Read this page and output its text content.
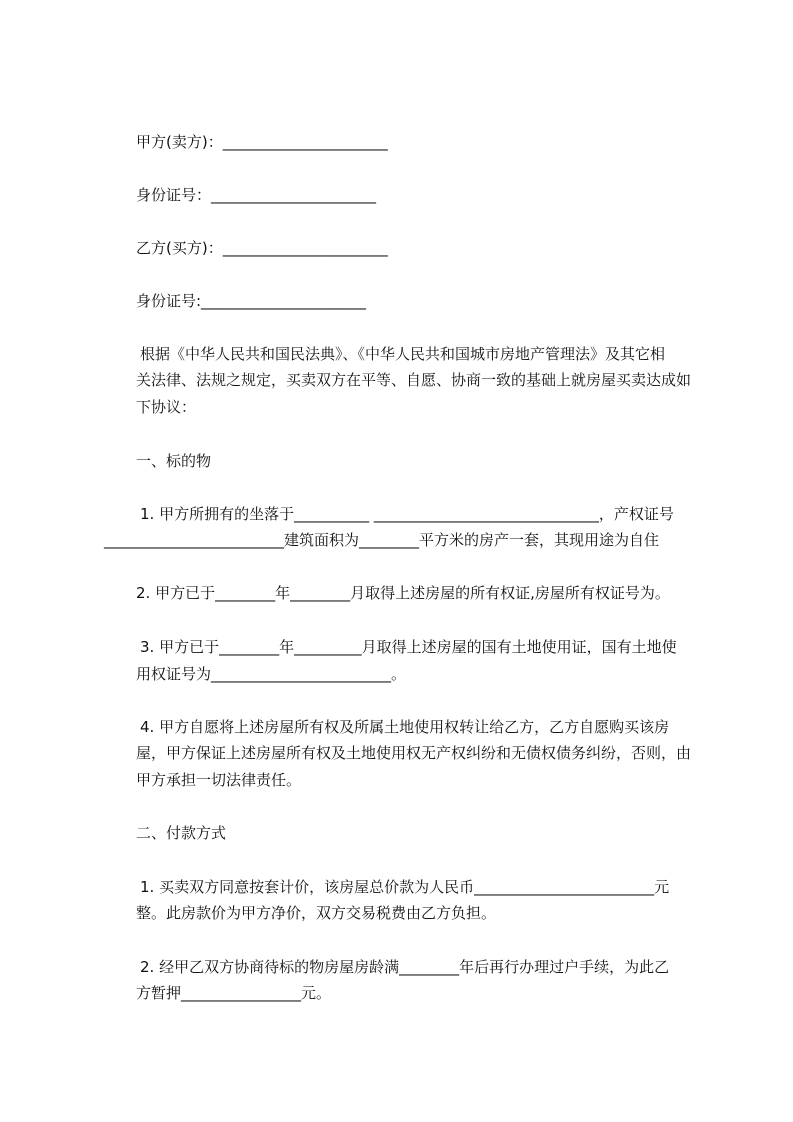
甲方(卖方)：______________________

身份证号：______________________

乙方(买方)：______________________

身份证号:______________________

根据《中华人民共和国民法典》、《中华人民共和国城市房地产管理法》及其它相

关法律、法规之规定，买卖双方在平等、自愿、协商一致的基础上就房屋买卖达成如

下协议：

一、标的物

1. 甲方所拥有的坐落于__________ ______________________________，产权证号

________________________建筑面积为________平方米的房产一套，其现用途为自住

2. 甲方已于________年________月取得上述房屋的所有权证,房屋所有权证号为。

3. 甲方已于________年_________月取得上述房屋的国有土地使用证，国有土地使

用权证号为________________________。

4. 甲方自愿将上述房屋所有权及所属土地使用权转让给乙方，乙方自愿购买该房

屋，甲方保证上述房屋所有权及土地使用权无产权纠纷和无债权债务纠纷，否则，由

甲方承担一切法律责任。

二、付款方式

1. 买卖双方同意按套计价，该房屋总价款为人民币________________________元

整。此房款价为甲方净价，双方交易税费由乙方负担。

2. 经甲乙双方协商待标的物房屋房龄满________年后再行办理过户手续，为此乙

方暂押________________元。
